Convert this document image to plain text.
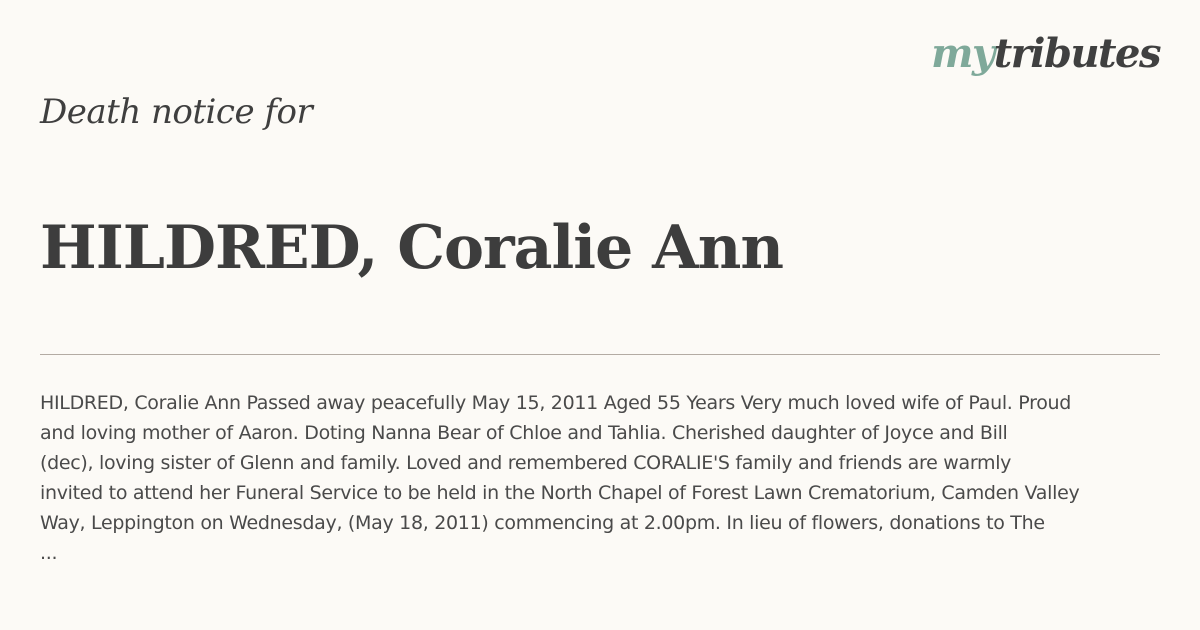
mytributes
Death notice for
HILDRED, Coralie Ann

HILDRED, Coralie Ann Passed away peacefully May 15, 2011 Aged 55 Years Very much loved wife of Paul. Proud
and loving mother of Aaron. Doting Nanna Bear of Chloe and Tahlia. Cherished daughter of Joyce and Bill
(dec), loving sister of Glenn and family. Loved and remembered CORALIE'S family and friends are warmly
invited to attend her Funeral Service to be held in the North Chapel of Forest Lawn Crematorium, Camden Valley
Way, Leppington on Wednesday, (May 18, 2011) commencing at 2.00pm. In lieu of flowers, donations to The
...
